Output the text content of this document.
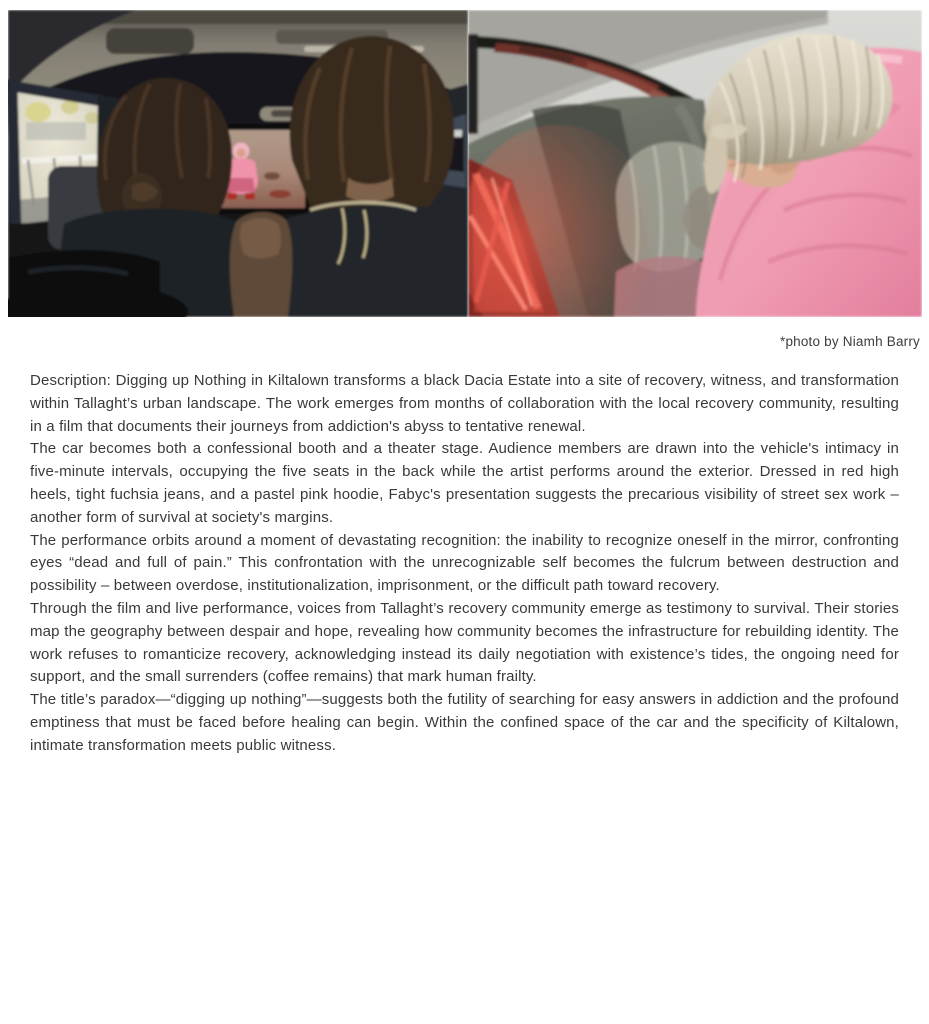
*photo by Niamh Barry

Description: Digging up Nothing in Kiltalown transforms a black Dacia Estate into a site of recovery, witness, and transformation within Tallaght’s urban landscape. The work emerges from months of collaboration with the local recovery community, resulting in a film that documents their journeys from addiction's abyss to tentative renewal.

The car becomes both a confessional booth and a theater stage. Audience members are drawn into the vehicle's intimacy in five-minute intervals, occupying the five seats in the back while the artist performs around the exterior. Dressed in red high heels, tight fuchsia jeans, and a pastel pink hoodie, Fabyc's presentation suggests the precarious visibility of street sex work – another form of survival at society's margins.

The performance orbits around a moment of devastating recognition: the inability to recognize oneself in the mirror, confronting eyes “dead and full of pain.” This confrontation with the unrecognizable self becomes the fulcrum between destruction and possibility – between overdose, institutionalization, imprisonment, or the difficult path toward recovery.

Through the film and live performance, voices from Tallaght’s recovery community emerge as testimony to survival. Their stories map the geography between despair and hope, revealing how community becomes the infrastructure for rebuilding identity. The work refuses to romanticize recovery, acknowledging instead its daily negotiation with existence’s tides, the ongoing need for support, and the small surrenders (coffee remains) that mark human frailty.

The title’s paradox—“digging up nothing”—suggests both the futility of searching for easy answers in addiction and the profound emptiness that must be faced before healing can begin. Within the confined space of the car and the specificity of Kiltalown, intimate transformation meets public witness.
